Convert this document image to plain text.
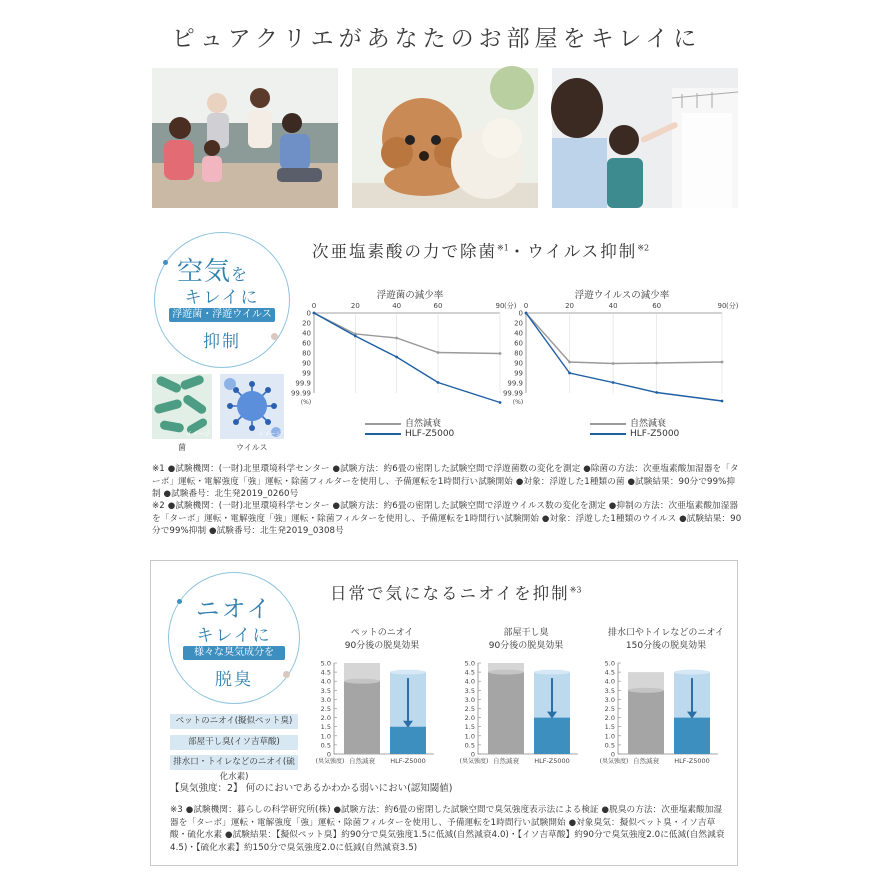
ピュアクリエがあなたのお部屋をキレイに
空気を
キレイに
浮遊菌・浮遊ウイルスを
抑制
イメージ
菌
イメージ
ウイルス
次亜塩素酸の力で除菌$^{※1}$・ウイルス抑制$^{※2}$
浮遊菌の減少率
0	20	40	60	90 (分)
0
20
40
60
80
90
99
99.9
99.99
(%)
浮遊ウイルスの減少率
0	20	40	60	90 (分)
0
20
40
60
80
90
99
99.9
99.99
(%)
自然減衰
HLF-Z5000
自然減衰
HLF-Z5000
※1 ●試験機関：(一財)北里環境科学センター ●試験方法：約6畳の密閉した試験空間で浮遊菌数の変化を測定 ●除菌の方法：次亜塩素酸加湿器を「ターボ」運転・電解強度「強」運転・除菌フィルターを使用し、予備運転を1時間行い試験開始 ●対象：浮遊した1種類の菌 ●試験結果：90分で99%抑制 ●試験番号：北生発2019_0260号
※2 ●試験機関：(一財)北里環境科学センター ●試験方法：約6畳の密閉した試験空間で浮遊ウイルス数の変化を測定 ●抑制の方法：次亜塩素酸加湿器を「ターボ」運転・電解強度「強」運転・除菌フィルターを使用し、予備運転を1時間行い試験開始 ●対象：浮遊した1種類のウイルス ●試験結果：90分で99%抑制 ●試験番号：北生発2019_0308号
ニオイ
キレイに
様々な臭気成分を
脱臭
ペットのニオイ(擬似ペット臭)
部屋干し臭(イソ吉草酸)
排水口・トイレなどのニオイ(硫化水素)
日常で気になるニオイを抑制$^{※3}$
ペットのニオイ
90分後の脱臭効果
部屋干し臭
90分後の脱臭効果
排水口やトイレなどのニオイ
150分後の脱臭効果
5.0
4.5
4.0
3.5
3.0
2.5
2.0
1.5
1.0
0.5
0
自然減衰 HLF-Z5000
(臭気強度)
5.0
4.5
4.0
3.5
3.0
2.5
2.0
1.5
1.0
0.5
0
自然減衰 HLF-Z5000
(臭気強度)
5.0
4.5
4.0
3.5
3.0
2.5
2.0
1.5
1.0
0.5
0
自然減衰 HLF-Z5000
(臭気強度)
【臭気強度：2】 何のにおいであるかわかる弱いにおい(認知閾値)
※3 ●試験機関：暮らしの科学研究所(株) ●試験方法：約6畳の密閉した試験空間で臭気強度表示法による検証 ●脱臭の方法：次亜塩素酸加湿器を「ターボ」運転・電解強度「強」運転・除菌フィルターを使用し、予備運転を1時間行い試験開始 ●対象臭気：擬似ペット臭・イソ吉草酸・硫化水素 ●試験結果：【擬似ペット臭】約90分で臭気強度1.5に低減(自然減衰4.0)・【イソ吉草酸】約90分で臭気強度2.0に低減(自然減衰4.5)・【硫化水素】約150分で臭気強度2.0に低減(自然減衰3.5)
